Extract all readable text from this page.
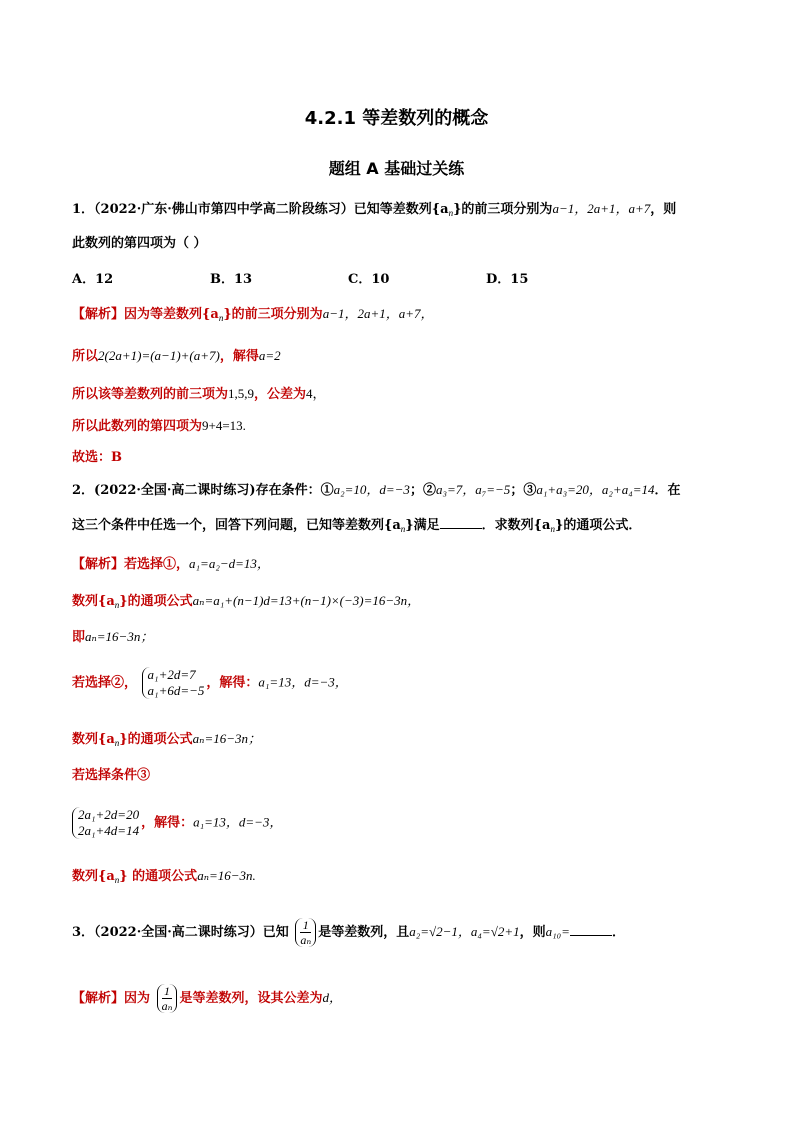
4.2.1 等差数列的概念
题组 A 基础过关练
1．（2022·广东·佛山市第四中学高二阶段练习）已知等差数列$\{a_n\}$的前三项分别为a−1，2a+1，a+7，则
此数列的第四项为（ ）
A．12	B．13	C．10	D．15
【解析】因为等差数列$\{a_n\}$的前三项分别为a−1，2a+1，a+7，
所以2(2a+1)=(a−1)+(a+7)，解得a=2
所以该等差数列的前三项为1,5,9，公差为4，
所以此数列的第四项为9+4=13.
故选：B
2．(2022·全国·高二课时练习)存在条件：①a₂=10，d=−3；②a₃=7，a₇=−5；③a₁+a₃=20，a₂+a₄=14．在
这三个条件中任选一个，回答下列问题，已知等差数列$\{a_n\}$满足	．求数列$\{a_n\}$的通项公式．
【解析】若选择①，a₁=a₂−d=13，
数列$\{a_n\}$的通项公式aₙ=a₁+(n−1)d=13+(n−1)×(−3)=16−3n，
即aₙ=16−3n；
若选择②，
a₁+2d=7
a₁+6d=−5 ，解得：a₁=13，d=−3，
数列$\{a_n\}$的通项公式aₙ=16−3n；
若选择条件③
2a₁+2d=20
2a₁+4d=14 ，解得：a₁=13，d=−3，
数列$\{a_n\}$ 的通项公式aₙ=16−3n.
3．（2022·全国·高二课时练习）已知 $\frac{1}{\text{aₙ}}$ 是等差数列，且a₂=√2−1，a₄=√2+1，则a₁₀=	．
【解析】因为 $\frac{1}{\text{aₙ}}$ 是等差数列，设其公差为d，
